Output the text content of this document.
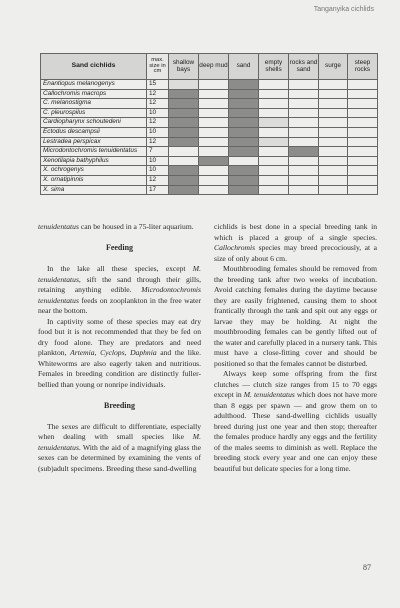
Tanganyika cichlids
Sand cichlids	max. size in cm	shallow bays	deep mud	sand	empty shells	rocks and sand	surge	steep rocks
Enantiopus melanogenys	15							
Callochromis macrops	12							
C. melanostigma	12							
C. pleurospilus	10							
Cardiopharynx schoutedeni	12							
Ectodus descampsii	10							
Lestradea perspicax	12							
Microdontochromis tenuidentatus	7							
Xenotilapia bathyphilus	10							
X. ochrogenys	10							
X. ornatipinnis	12							
X. sima	17							

tenuidentatus can be housed in a 75-liter aquarium.

Feeding

In the lake all these species, except M. tenuidentatus, sift the sand through their gills, retaining anything edible. Microdontochromis tenuidentatus feeds on zooplankton in the free water near the bottom.

In captivity some of these species may eat dry food but it is not recommended that they be fed on dry food alone. They are predators and need plankton, Artemia, Cyclops, Daphnia and the like. Whiteworms are also eagerly taken and nutritious. Females in breeding condition are distinctly fuller-bellied than young or nonripe individuals.

Breeding

The sexes are difficult to differentiate, especially when dealing with small species like M. tenuidentatus. With the aid of a magnifying glass the sexes can be determined by examining the vents of (sub)adult specimens. Breeding these sand-dwelling

cichlids is best done in a special breeding tank in which is placed a group of a single species. Callochromis species may breed precociously, at a size of only about 6 cm.

Mouthbrooding females should be removed from the breeding tank after two weeks of incubation. Avoid catching females during the daytime because they are easily frightened, causing them to shoot frantically through the tank and spit out any eggs or larvae they may be holding. At night the mouthbrooding females can be gently lifted out of the water and carefully placed in a nursery tank. This must have a close-fitting cover and should be positioned so that the females cannot be disturbed.

Always keep some offspring from the first clutches — clutch size ranges from 15 to 70 eggs except in M. tenuidentatus which does not have more than 8 eggs per spawn — and grow them on to adulthood. These sand-dwelling cichlids usually breed during just one year and then stop; thereafter the females produce hardly any eggs and the fertility of the males seems to diminish as well. Replace the breeding stock every year and one can enjoy these beautiful but delicate species for a long time.

87
